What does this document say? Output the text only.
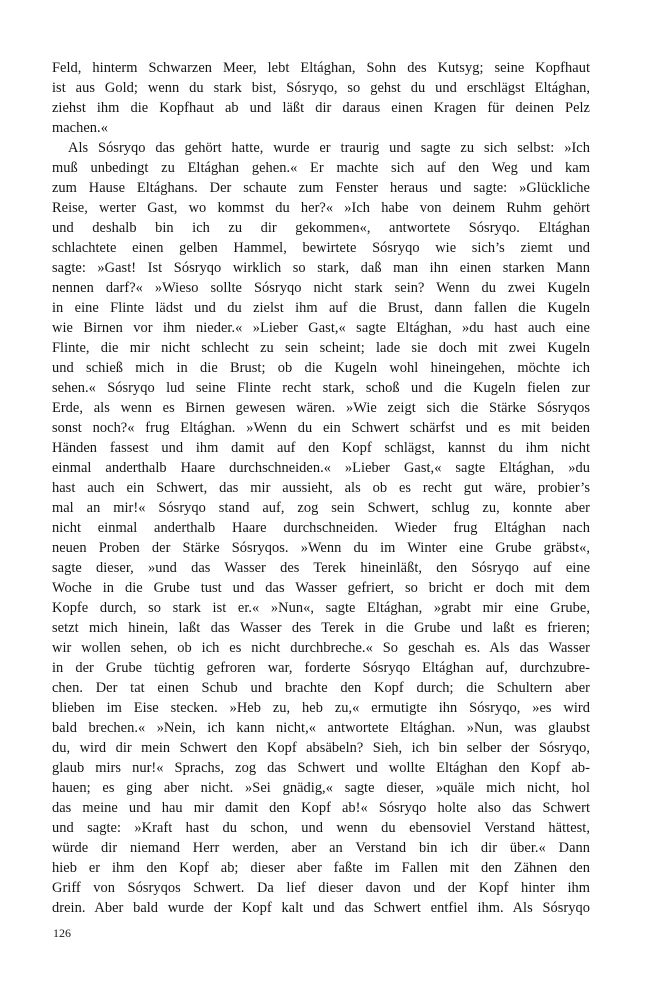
Feld, hinterm Schwarzen Meer, lebt Eltághan, Sohn des Kutsyg; seine Kopfhaut
ist aus Gold; wenn du stark bist, Sósryqo, so gehst du und erschlägst Eltághan,
ziehst ihm die Kopfhaut ab und läßt dir daraus einen Kragen für deinen Pelz
machen.«
Als Sósryqo das gehört hatte, wurde er traurig und sagte zu sich selbst: »Ich
muß unbedingt zu Eltághan gehen.« Er machte sich auf den Weg und kam
zum Hause Eltághans. Der schaute zum Fenster heraus und sagte: »Glückliche
Reise, werter Gast, wo kommst du her?« »Ich habe von deinem Ruhm gehört
und deshalb bin ich zu dir gekommen«, antwortete Sósryqo. Eltághan
schlachtete einen gelben Hammel, bewirtete Sósryqo wie sich’s ziemt und
sagte: »Gast! Ist Sósryqo wirklich so stark, daß man ihn einen starken Mann
nennen darf?« »Wieso sollte Sósryqo nicht stark sein? Wenn du zwei Kugeln
in eine Flinte lädst und du zielst ihm auf die Brust, dann fallen die Kugeln
wie Birnen vor ihm nieder.« »Lieber Gast,« sagte Eltághan, »du hast auch eine
Flinte, die mir nicht schlecht zu sein scheint; lade sie doch mit zwei Kugeln
und schieß mich in die Brust; ob die Kugeln wohl hineingehen, möchte ich
sehen.« Sósryqo lud seine Flinte recht stark, schoß und die Kugeln fielen zur
Erde, als wenn es Birnen gewesen wären. »Wie zeigt sich die Stärke Sósryqos
sonst noch?« frug Eltághan. »Wenn du ein Schwert schärfst und es mit beiden
Händen fassest und ihm damit auf den Kopf schlägst, kannst du ihm nicht
einmal anderthalb Haare durchschneiden.« »Lieber Gast,« sagte Eltághan, »du
hast auch ein Schwert, das mir aussieht, als ob es recht gut wäre, probier’s
mal an mir!« Sósryqo stand auf, zog sein Schwert, schlug zu, konnte aber
nicht einmal anderthalb Haare durchschneiden. Wieder frug Eltághan nach
neuen Proben der Stärke Sósryqos. »Wenn du im Winter eine Grube gräbst«,
sagte dieser, »und das Wasser des Terek hineinläßt, den Sósryqo auf eine
Woche in die Grube tust und das Wasser gefriert, so bricht er doch mit dem
Kopfe durch, so stark ist er.« »Nun«, sagte Eltághan, »grabt mir eine Grube,
setzt mich hinein, laßt das Wasser des Terek in die Grube und laßt es frieren;
wir wollen sehen, ob ich es nicht durchbreche.« So geschah es. Als das Wasser
in der Grube tüchtig gefroren war, forderte Sósryqo Eltághan auf, durchzubre-
chen. Der tat einen Schub und brachte den Kopf durch; die Schultern aber
blieben im Eise stecken. »Heb zu, heb zu,« ermutigte ihn Sósryqo, »es wird
bald brechen.« »Nein, ich kann nicht,« antwortete Eltághan. »Nun, was glaubst
du, wird dir mein Schwert den Kopf absäbeln? Sieh, ich bin selber der Sósryqo,
glaub mirs nur!« Sprachs, zog das Schwert und wollte Eltághan den Kopf ab-
hauen; es ging aber nicht. »Sei gnädig,« sagte dieser, »quäle mich nicht, hol
das meine und hau mir damit den Kopf ab!« Sósryqo holte also das Schwert
und sagte: »Kraft hast du schon, und wenn du ebensoviel Verstand hättest,
würde dir niemand Herr werden, aber an Verstand bin ich dir über.« Dann
hieb er ihm den Kopf ab; dieser aber faßte im Fallen mit den Zähnen den
Griff von Sósryqos Schwert. Da lief dieser davon und der Kopf hinter ihm
drein. Aber bald wurde der Kopf kalt und das Schwert entfiel ihm. Als Sósryqo
126
